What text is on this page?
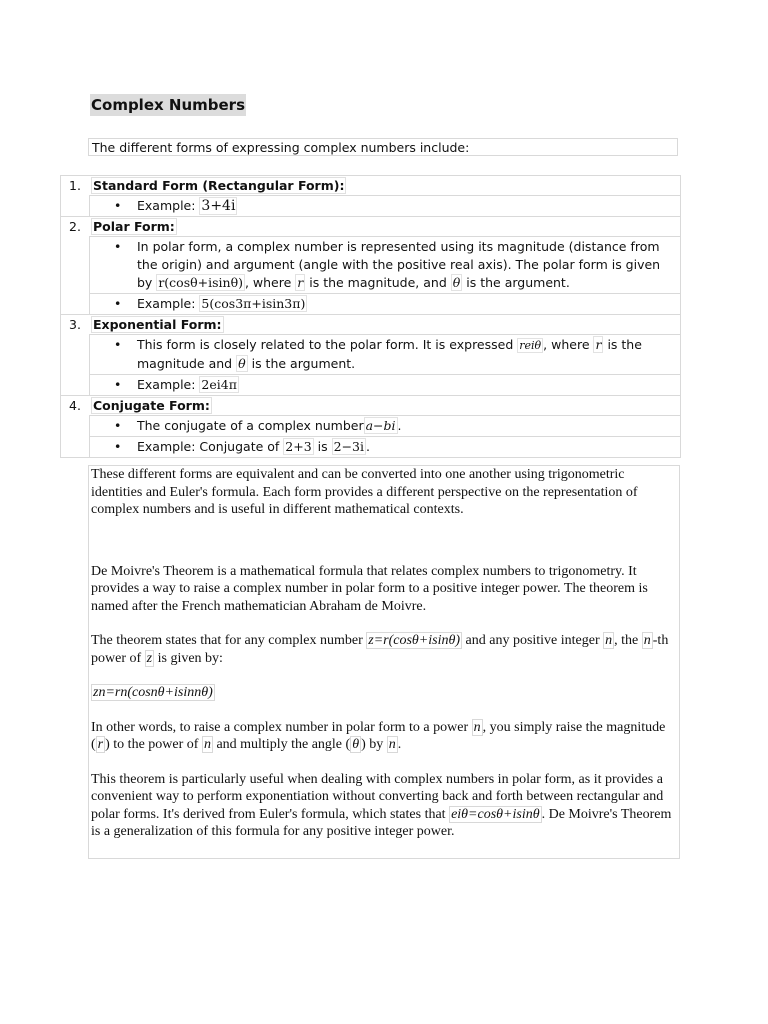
Complex Numbers
The different forms of expressing complex numbers include:
1. Standard Form (Rectangular Form):
• Example: 3+4i
2. Polar Form:
• In polar form, a complex number is represented using its magnitude (distance from the origin) and argument (angle with the positive real axis). The polar form is given by r(cosθ+isinθ) , where r is the magnitude, and θ is the argument.
• Example: 5(cos3π+isin3π)
3. Exponential Form:
• This form is closely related to the polar form. It is expressed reiθ , where r is the magnitude and θ is the argument.
• Example: 2ei4π
4. Conjugate Form:
• The conjugate of a complex number a−bi .
• Example: Conjugate of 2+3 is 2−3i .

These different forms are equivalent and can be converted into one another using trigonometric identities and Euler's formula. Each form provides a different perspective on the representation of complex numbers and is useful in different mathematical contexts.

De Moivre's Theorem is a mathematical formula that relates complex numbers to trigonometry. It provides a way to raise a complex number in polar form to a positive integer power. The theorem is named after the French mathematician Abraham de Moivre.

The theorem states that for any complex number z=r(cosθ+isinθ) and any positive integer n , the n -th power of z is given by:

zn=rn(cosnθ+isinnθ)

In other words, to raise a complex number in polar form to a power n , you simply raise the magnitude ( r ) to the power of n and multiply the angle ( θ ) by n .

This theorem is particularly useful when dealing with complex numbers in polar form, as it provides a convenient way to perform exponentiation without converting back and forth between rectangular and polar forms. It's derived from Euler's formula, which states that eiθ=cosθ+isinθ . De Moivre's Theorem is a generalization of this formula for any positive integer power.
